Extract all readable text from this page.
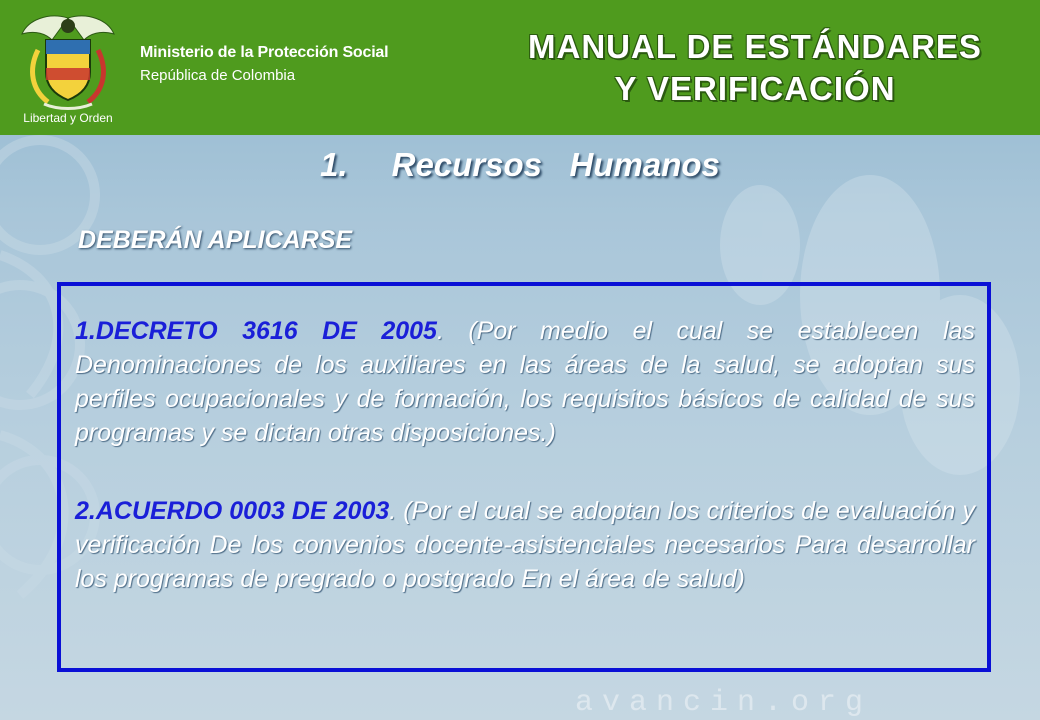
Libertad y Orden
Ministerio de la Protección Social
República de Colombia
MANUAL DE ESTÁNDARES
Y VERIFICACIÓN
1. Recursos   Humanos
DEBERÁN APLICARSE
1.DECRETO 3616 DE 2005. (Por medio el cual se establecen las Denominaciones de los auxiliares en las áreas de la salud, se adoptan sus perfiles ocupacionales y de formación, los requisitos básicos de calidad de sus programas y se dictan otras disposiciones.)
2.ACUERDO 0003 DE 2003. (Por el cual se adoptan los criterios de evaluación y verificación De los convenios docente-asistenciales necesarios Para desarrollar los programas de pregrado o postgrado En el área de salud)
avancin.org
